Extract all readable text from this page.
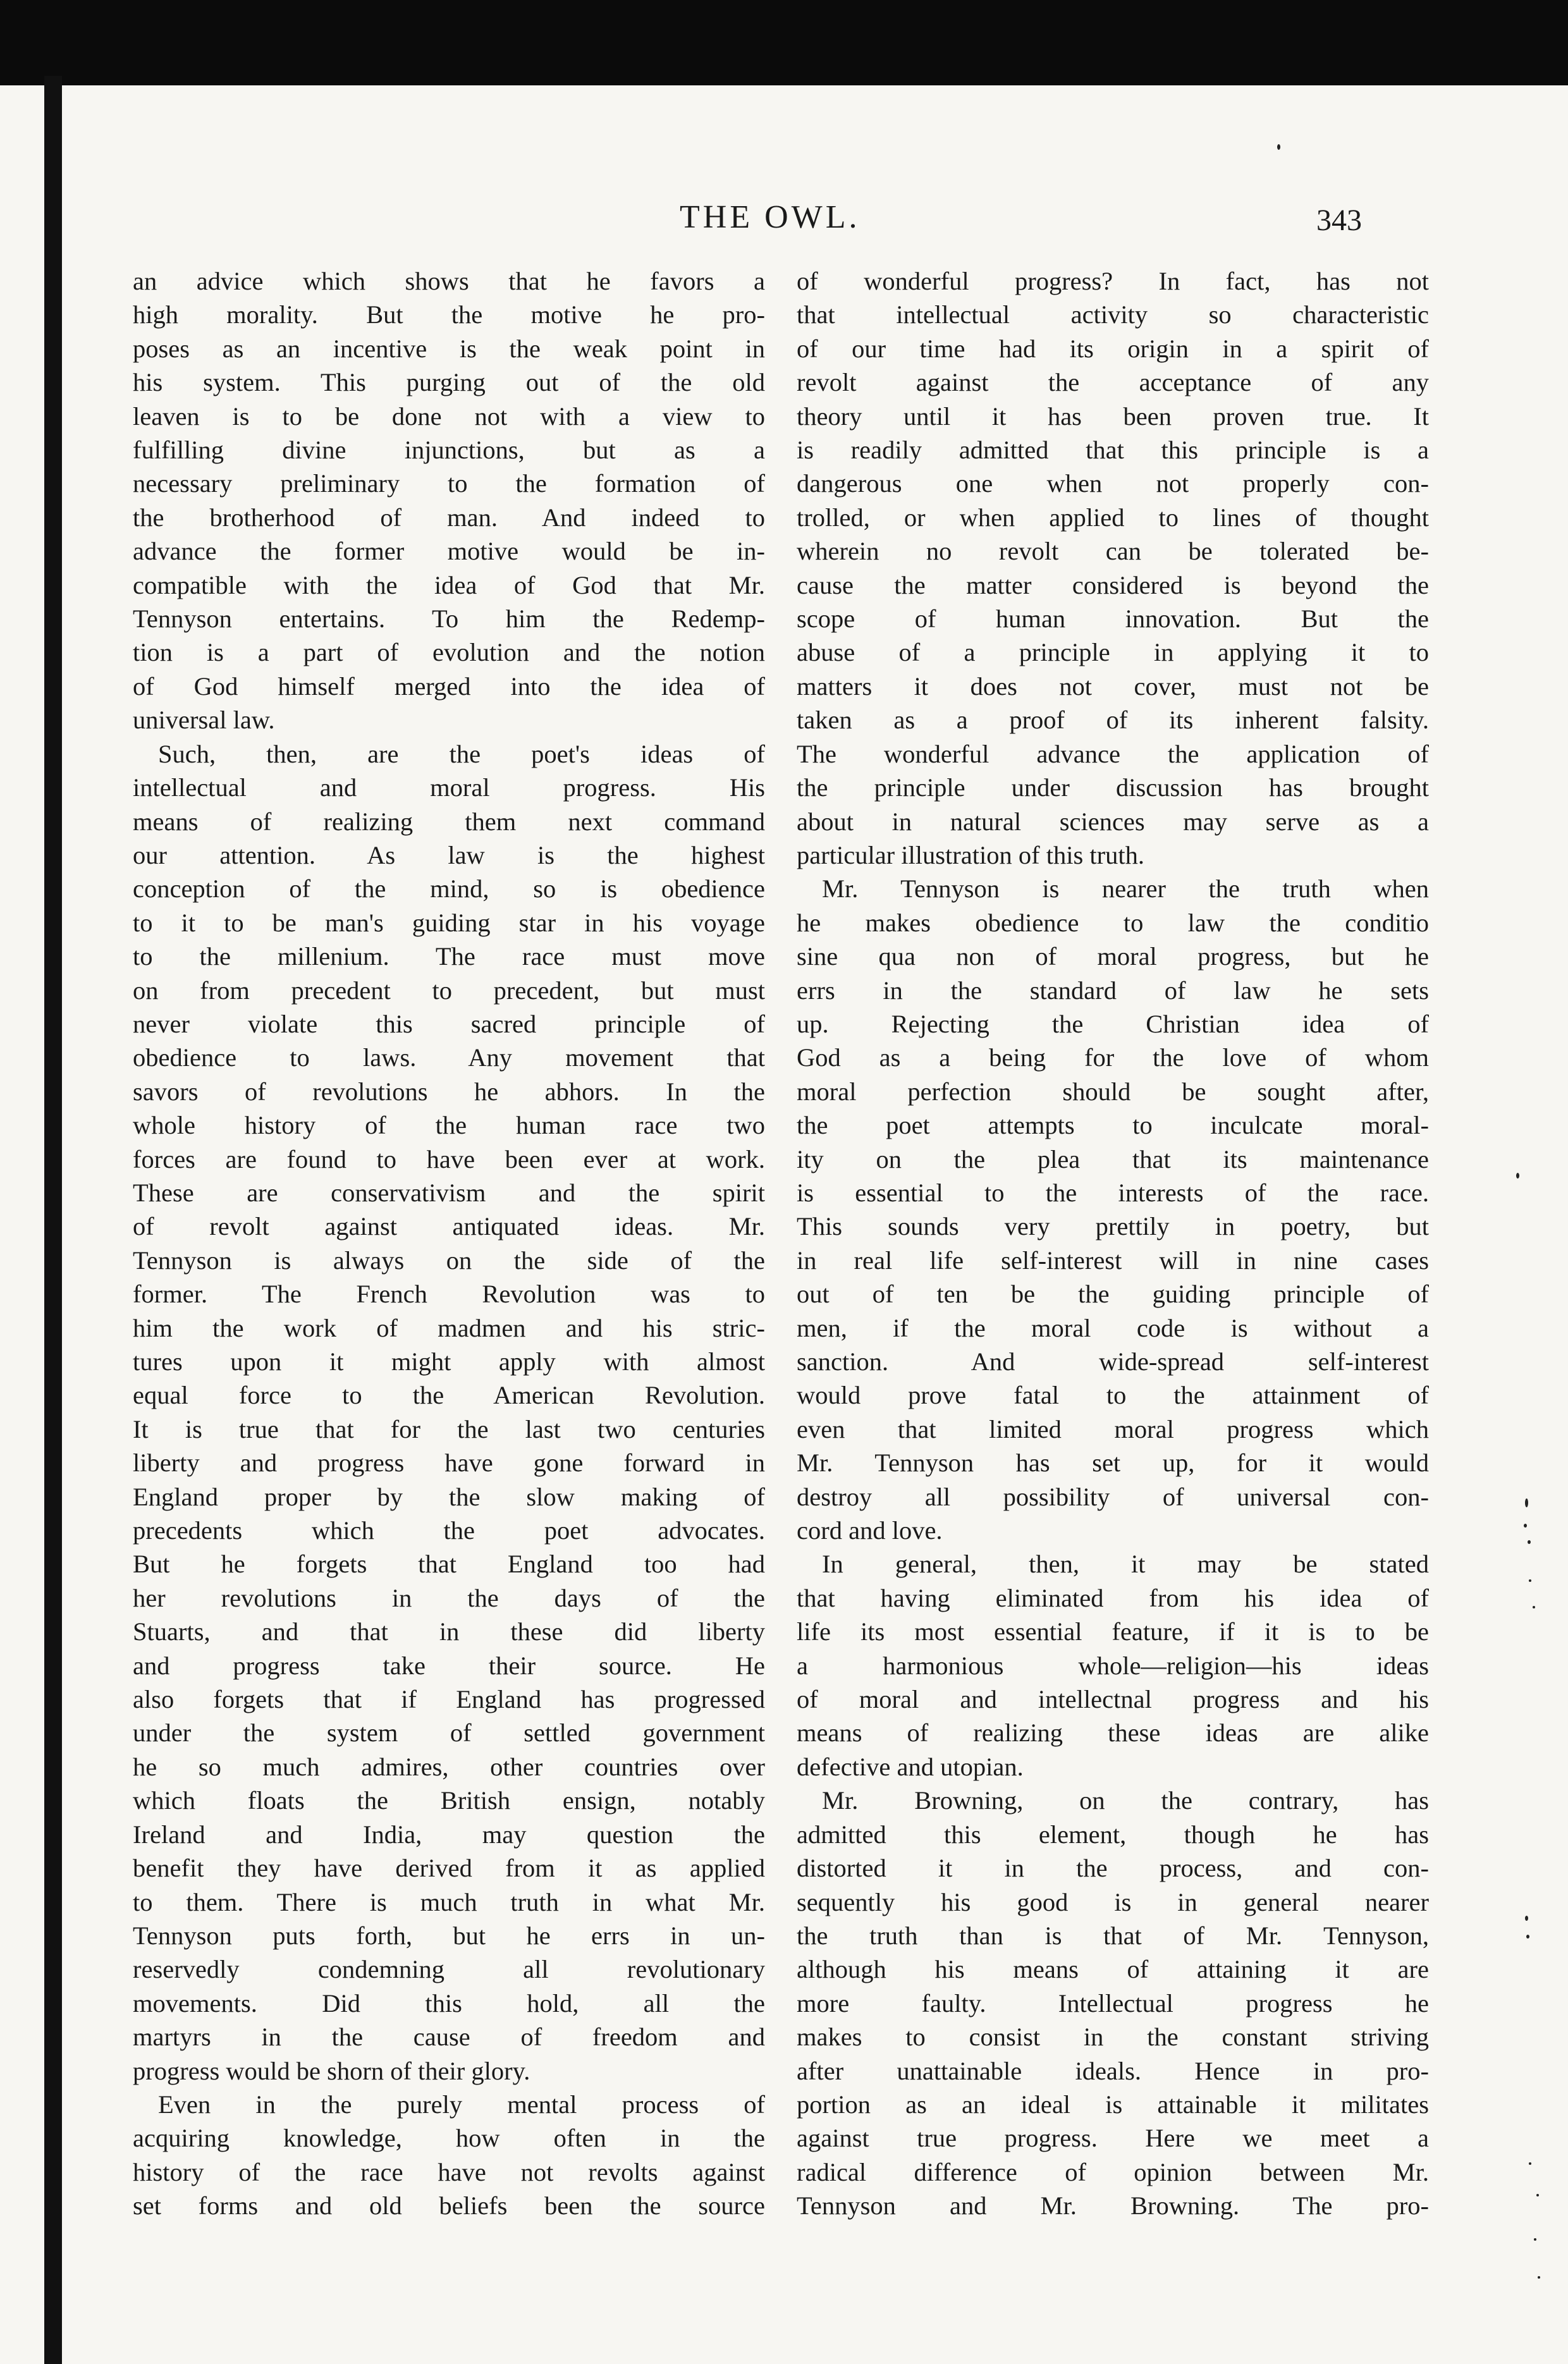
THE OWL.	343
an advice which shows that he favors a
high morality. But the motive he pro-
poses as an incentive is the weak point in
his system. This purging out of the old
leaven is to be done not with a view to
fulfilling divine injunctions, but as a
necessary preliminary to the formation of
the brotherhood of man. And indeed to
advance the former motive would be in-
compatible with the idea of God that Mr.
Tennyson entertains. To him the Redemp-
tion is a part of evolution and the notion
of God himself merged into the idea of
universal law.
Such, then, are the poet's ideas of
intellectual and moral progress. His
means of realizing them next command
our attention. As law is the highest
conception of the mind, so is obedience
to it to be man's guiding star in his voyage
to the millenium. The race must move
on from precedent to precedent, but must
never violate this sacred principle of
obedience to laws. Any movement that
savors of revolutions he abhors. In the
whole history of the human race two
forces are found to have been ever at work.
These are conservativism and the spirit
of revolt against antiquated ideas. Mr.
Tennyson is always on the side of the
former. The French Revolution was to
him the work of madmen and his stric-
tures upon it might apply with almost
equal force to the American Revolution.
It is true that for the last two centuries
liberty and progress have gone forward in
England proper by the slow making of
precedents which the poet advocates.
But he forgets that England too had
her revolutions in the days of the
Stuarts, and that in these did liberty
and progress take their source. He
also forgets that if England has progressed
under the system of settled government
he so much admires, other countries over
which floats the British ensign, notably
Ireland and India, may question the
benefit they have derived from it as applied
to them. There is much truth in what Mr.
Tennyson puts forth, but he errs in un-
reservedly condemning all revolutionary
movements. Did this hold, all the
martyrs in the cause of freedom and
progress would be shorn of their glory.
Even in the purely mental process of
acquiring knowledge, how often in the
history of the race have not revolts against
set forms and old beliefs been the source
of wonderful progress? In fact, has not
that intellectual activity so characteristic
of our time had its origin in a spirit of
revolt against the acceptance of any
theory until it has been proven true. It
is readily admitted that this principle is a
dangerous one when not properly con-
trolled, or when applied to lines of thought
wherein no revolt can be tolerated be-
cause the matter considered is beyond the
scope of human innovation. But the
abuse of a principle in applying it to
matters it does not cover, must not be
taken as a proof of its inherent falsity.
The wonderful advance the application of
the principle under discussion has brought
about in natural sciences may serve as a
particular illustration of this truth.
Mr. Tennyson is nearer the truth when
he makes obedience to law the conditio
sine qua non of moral progress, but he
errs in the standard of law he sets
up. Rejecting the Christian idea of
God as a being for the love of whom
moral perfection should be sought after,
the poet attempts to inculcate moral-
ity on the plea that its maintenance
is essential to the interests of the race.
This sounds very prettily in poetry, but
in real life self-interest will in nine cases
out of ten be the guiding principle of
men, if the moral code is without a
sanction. And wide-spread self-interest
would prove fatal to the attainment of
even that limited moral progress which
Mr. Tennyson has set up, for it would
destroy all possibility of universal con-
cord and love.
In general, then, it may be stated
that having eliminated from his idea of
life its most essential feature, if it is to be
a harmonious whole—religion—his ideas
of moral and intellectnal progress and his
means of realizing these ideas are alike
defective and utopian.
Mr. Browning, on the contrary, has
admitted this element, though he has
distorted it in the process, and con-
sequently his good is in general nearer
the truth than is that of Mr. Tennyson,
although his means of attaining it are
more faulty. Intellectual progress he
makes to consist in the constant striving
after unattainable ideals. Hence in pro-
portion as an ideal is attainable it militates
against true progress. Here we meet a
radical difference of opinion between Mr.
Tennyson and Mr. Browning. The pro-
